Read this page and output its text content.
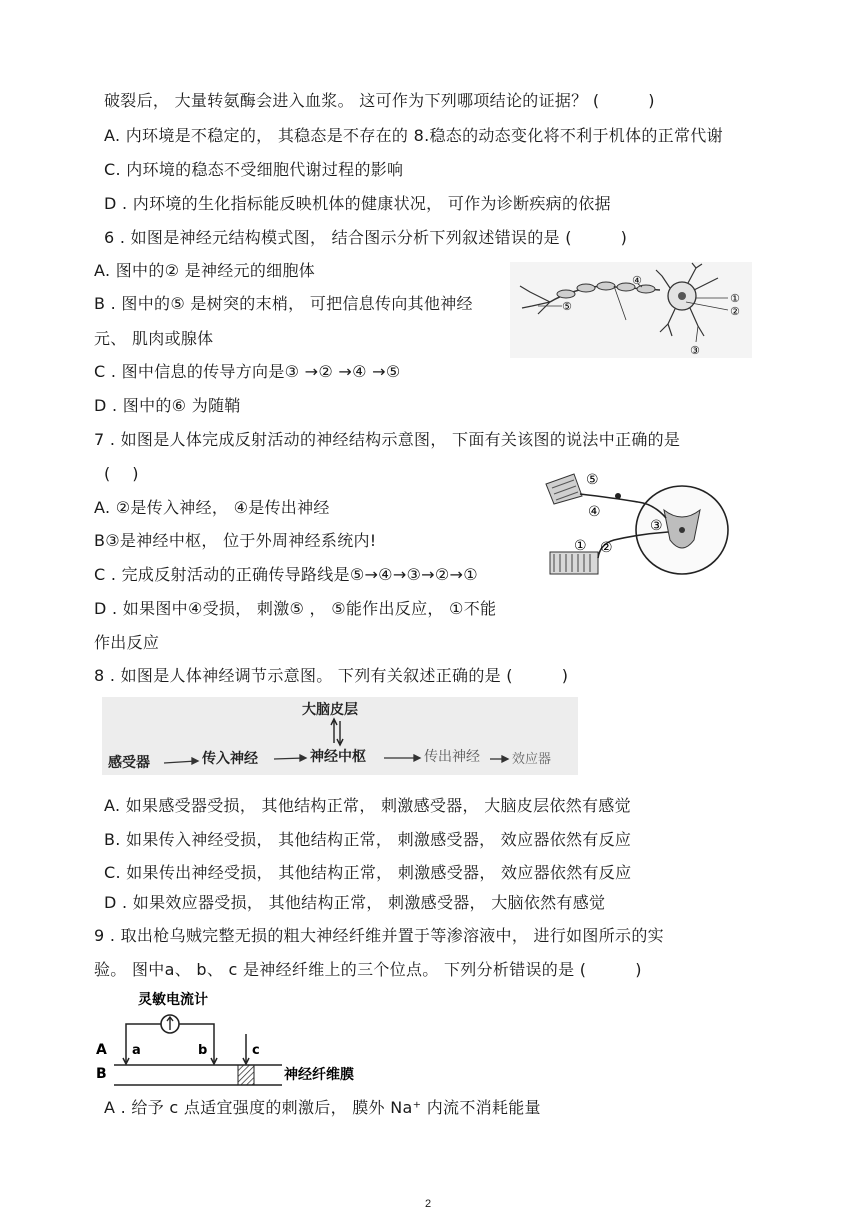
破裂后， 大量转氨酶会进入血浆。 这可作为下列哪项结论的证据？ (　　　)
A. 内环境是不稳定的， 其稳态是不存在的 8.稳态的动态变化将不利于机体的正常代谢
C. 内环境的稳态不受细胞代谢过程的影响
D . 内环境的生化指标能反映机体的健康状况， 可作为诊断疾病的依据
6 . 如图是神经元结构模式图， 结合图示分析下列叙述错误的是 (　　　)
A. 图中的② 是神经元的细胞体
B . 图中的⑤ 是树突的末梢， 可把信息传向其他神经
元、 肌肉或腺体
C . 图中信息的传导方向是③ →② →④ →⑤
D . 图中的⑥ 为随鞘
7 . 如图是人体完成反射活动的神经结构示意图， 下面有关该图的说法中正确的是
(　 )
A. ②是传入神经， ④是传出神经
B③是神经中枢， 位于外周神经系统内!
C . 完成反射活动的正确传导路线是⑤→④→③→②→①
D . 如果图中④受损， 刺激⑤ ， ⑤能作出反应， ①不能
作出反应
8 . 如图是人体神经调节示意图。 下列有关叙述正确的是 (　　　)
A. 如果感受器受损， 其他结构正常， 刺激感受器， 大脑皮层依然有感觉
B. 如果传入神经受损， 其他结构正常， 刺激感受器， 效应器依然有反应
C. 如果传出神经受损， 其他结构正常， 刺激感受器， 效应器依然有反应
D . 如果效应器受损， 其他结构正常， 刺激感受器， 大脑依然有感觉
9 . 取出枪乌贼完整无损的粗大神经纤维并置于等渗溶液中， 进行如图所示的实
验。 图中a、 b、 c 是神经纤维上的三个位点。 下列分析错误的是 (　　　)
A . 给予 c 点适宜强度的刺激后， 膜外 Na⁺ 内流不消耗能量
①
②
③
④
⑤
⑤
④
③
②
①
大脑皮层
感受器	传入神经	神经中枢	传出神经 效应器
灵敏电流计
A
B
a	b	c
神经纤维膜
2
